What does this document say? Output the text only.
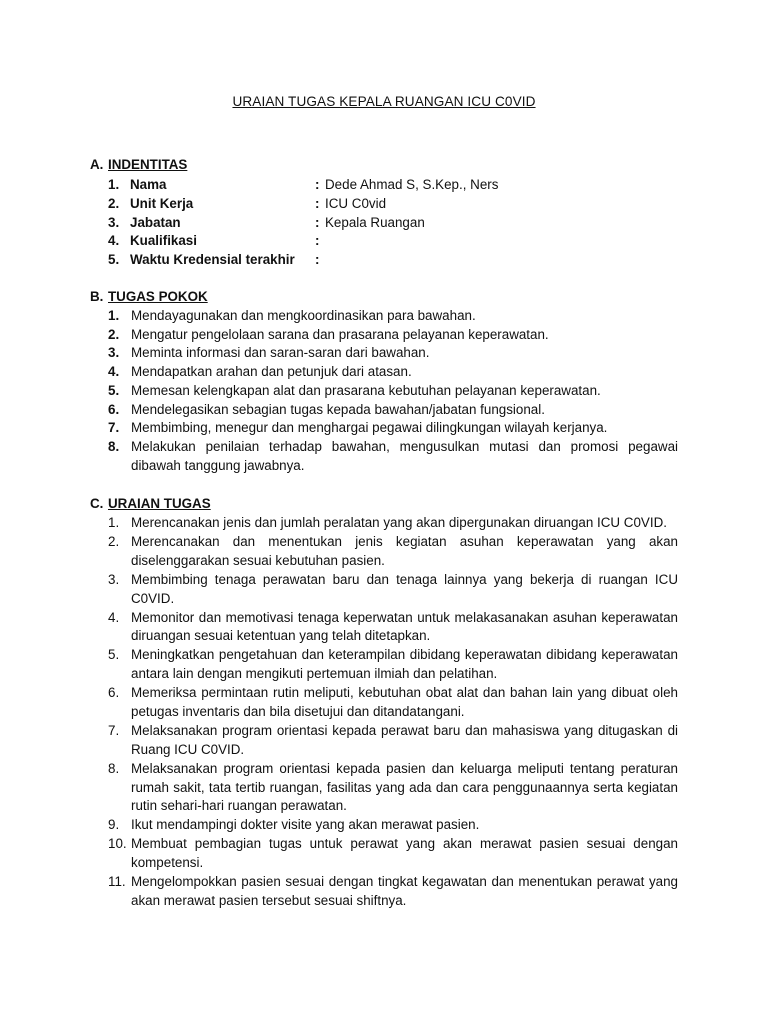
URAIAN TUGAS KEPALA RUANGAN ICU C0VID
A. INDENTITAS
1. Nama	: Dede Ahmad S, S.Kep., Ners
2. Unit Kerja	: ICU C0vid
3. Jabatan	: Kepala Ruangan
4. Kualifikasi	:
5. Waktu Kredensial terakhir :
B. TUGAS POKOK
1. Mendayagunakan dan mengkoordinasikan para bawahan.
2. Mengatur pengelolaan sarana dan prasarana pelayanan keperawatan.
3. Meminta informasi dan saran-saran dari bawahan.
4. Mendapatkan arahan dan petunjuk dari atasan.
5. Memesan kelengkapan alat dan prasarana kebutuhan pelayanan keperawatan.
6. Mendelegasikan sebagian tugas kepada bawahan/jabatan fungsional.
7. Membimbing, menegur dan menghargai pegawai dilingkungan wilayah kerjanya.
8. Melakukan penilaian terhadap bawahan, mengusulkan mutasi dan promosi pegawai dibawah tanggung jawabnya.
C. URAIAN TUGAS
1. Merencanakan jenis dan jumlah peralatan yang akan dipergunakan diruangan ICU C0VID.
2. Merencanakan dan menentukan jenis kegiatan asuhan keperawatan yang akan diselenggarakan sesuai kebutuhan pasien.
3. Membimbing tenaga perawatan baru dan tenaga lainnya yang bekerja di ruangan ICU C0VID.
4. Memonitor dan memotivasi tenaga keperwatan untuk melakasanakan asuhan keperawatan diruangan sesuai ketentuan yang telah ditetapkan.
5. Meningkatkan pengetahuan dan keterampilan dibidang keperawatan dibidang keperawatan antara lain dengan mengikuti pertemuan ilmiah dan pelatihan.
6. Memeriksa permintaan rutin meliputi, kebutuhan obat alat dan bahan lain yang dibuat oleh petugas inventaris dan bila disetujui dan ditandatangani.
7. Melaksanakan program orientasi kepada perawat baru dan mahasiswa yang ditugaskan di Ruang ICU C0VID.
8. Melaksanakan program orientasi kepada pasien dan keluarga meliputi tentang peraturan rumah sakit, tata tertib ruangan, fasilitas yang ada dan cara penggunaannya serta kegiatan rutin sehari-hari ruangan perawatan.
9. Ikut mendampingi dokter visite yang akan merawat pasien.
10. Membuat pembagian tugas untuk perawat yang akan merawat pasien sesuai dengan kompetensi.
11. Mengelompokkan pasien sesuai dengan tingkat kegawatan dan menentukan perawat yang akan merawat pasien tersebut sesuai shiftnya.
